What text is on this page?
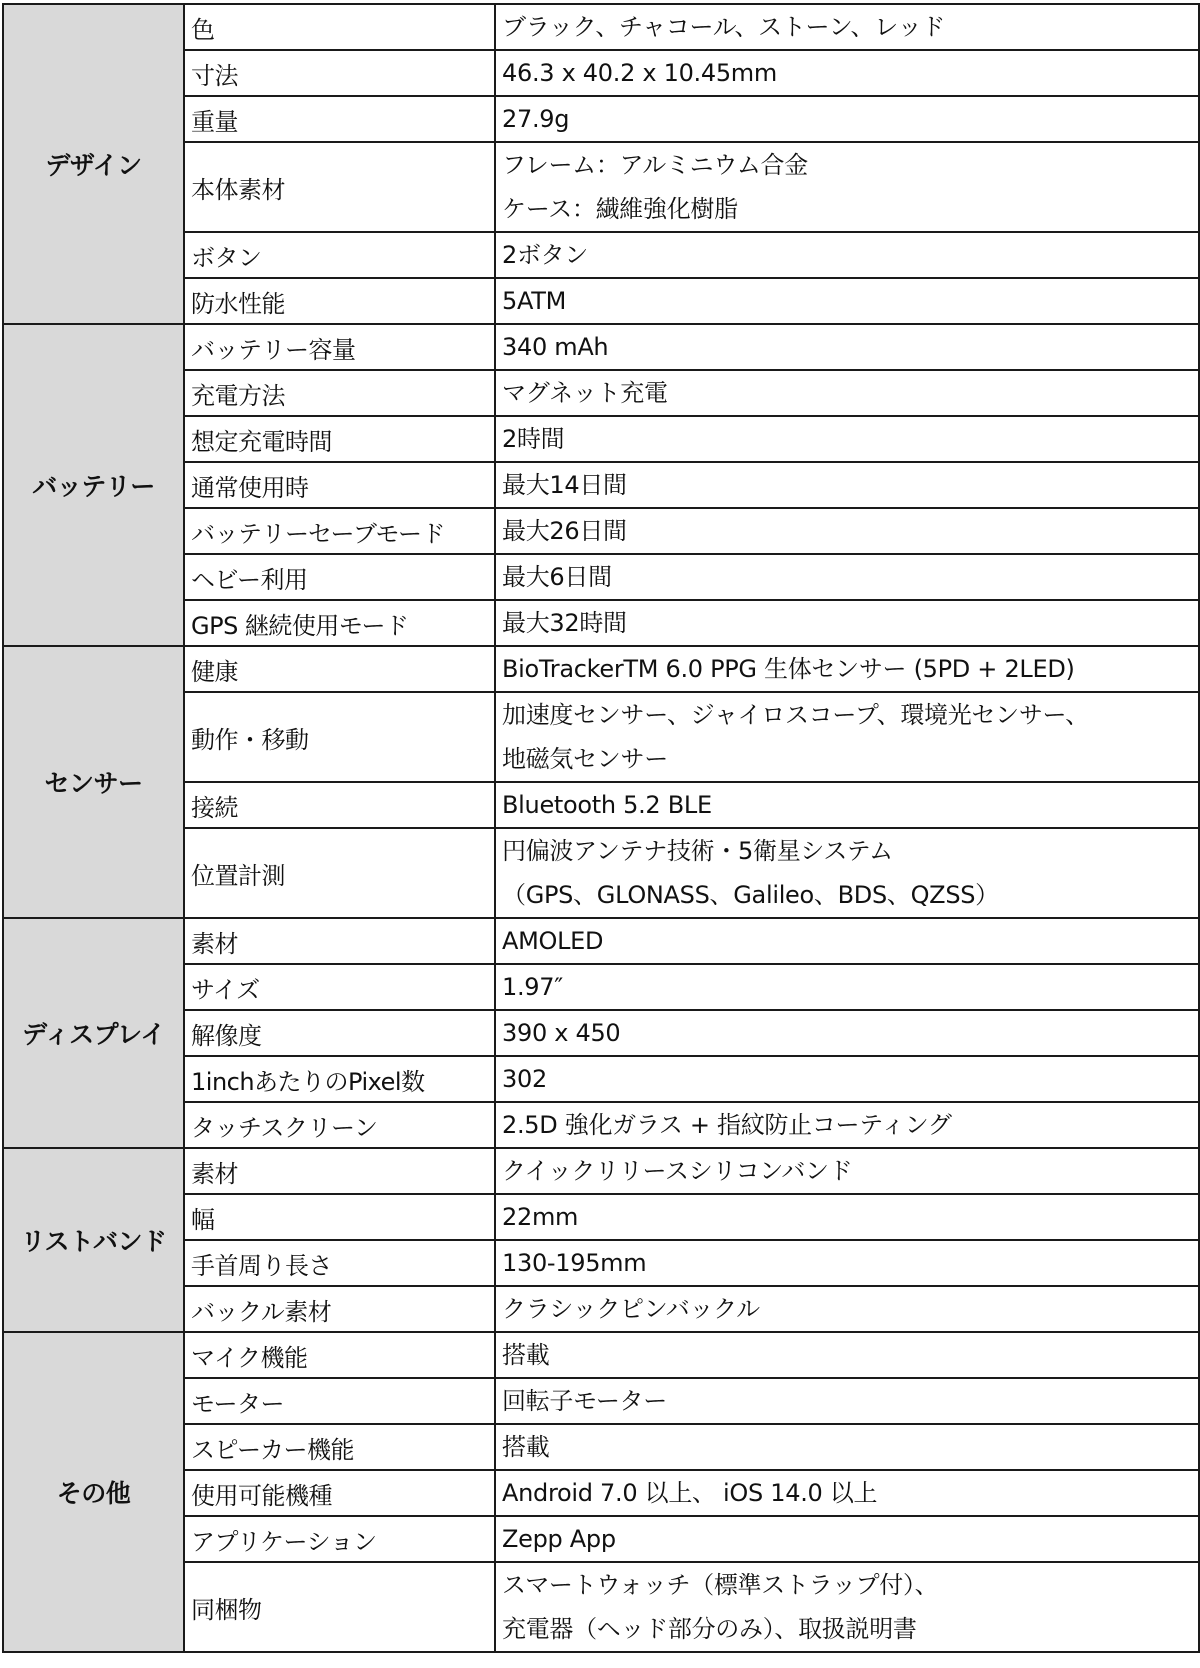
デザイン	色	ブラック、チャコール、ストーン、レッド

	寸法	46.3 x 40.2 x 10.45mm

	重量	27.9g

	本体素材	フレーム：アルミニウム合金
ケース：繊維強化樹脂

	ボタン	2ボタン

	防水性能	5ATM

バッテリー	バッテリー容量	340 mAh

	充電方法	マグネット充電

	想定充電時間	2時間

	通常使用時	最大14日間

	バッテリーセーブモード	最大26日間

	ヘビー利用	最大6日間

	GPS 継続使用モード	最大32時間

センサー	健康	BioTrackerTM 6.0 PPG 生体センサー (5PD + 2LED)

	動作・移動	加速度センサー、ジャイロスコープ、環境光センサー、
地磁気センサー

	接続	Bluetooth 5.2 BLE

	位置計測	円偏波アンテナ技術・5衛星システム
（GPS、GLONASS、Galileo、BDS、QZSS）

ディスプレイ	素材	AMOLED

	サイズ	1.97″

	解像度	390 x 450

	1inchあたりのPixel数	302

	タッチスクリーン	2.5D 強化ガラス + 指紋防止コーティング

リストバンド	素材	クイックリリースシリコンバンド

	幅	22mm

	手首周り長さ	130-195mm

	バックル素材	クラシックピンバックル

その他	マイク機能	搭載

	モーター	回転子モーター

	スピーカー機能	搭載

	使用可能機種	Android 7.0 以上、 iOS 14.0 以上

	アプリケーション	Zepp App

	同梱物	スマートウォッチ（標準ストラップ付）、
充電器（ヘッド部分のみ）、取扱説明書
